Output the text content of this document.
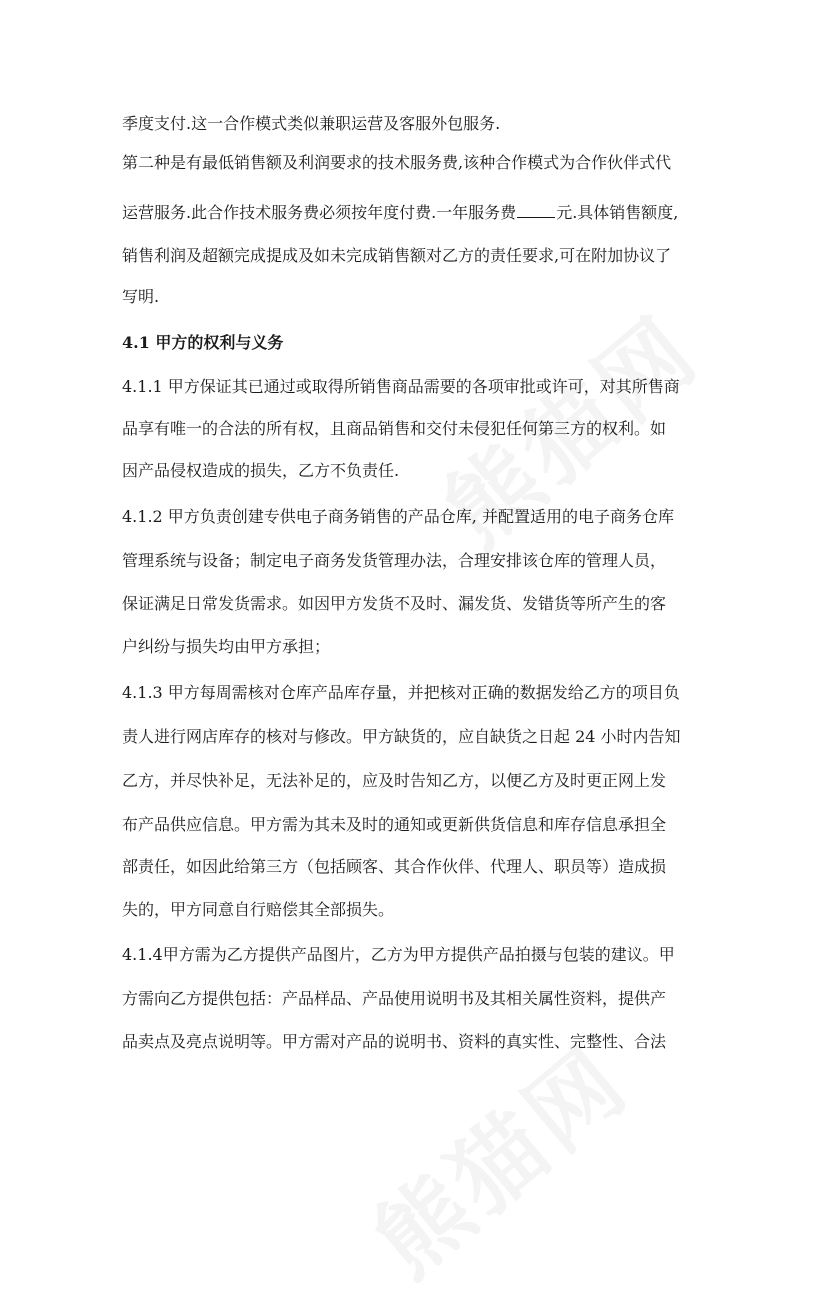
季度支付.这一合作模式类似兼职运营及客服外包服务.
第二种是有最低销售额及利润要求的技术服务费,该种合作模式为合作伙伴式代
运营服务.此合作技术服务费必须按年度付费.一年服务费	元.具体销售额度,
销售利润及超额完成提成及如未完成销售额对乙方的责任要求,可在附加协议了
写明.
4.1 甲方的权利与义务
4.1.1 甲方保证其已通过或取得所销售商品需要的各项审批或许可，对其所售商
品享有唯一的合法的所有权，且商品销售和交付未侵犯任何第三方的权利。如
因产品侵权造成的损失，乙方不负责任.
4.1.2 甲方负责创建专供电子商务销售的产品仓库, 并配置适用的电子商务仓库
管理系统与设备；制定电子商务发货管理办法，合理安排该仓库的管理人员，
保证满足日常发货需求。如因甲方发货不及时、漏发货、发错货等所产生的客
户纠纷与损失均由甲方承担；
4.1.3 甲方每周需核对仓库产品库存量，并把核对正确的数据发给乙方的项目负
责人进行网店库存的核对与修改。甲方缺货的，应自缺货之日起 24 小时内告知
乙方，并尽快补足，无法补足的，应及时告知乙方，以便乙方及时更正网上发
布产品供应信息。甲方需为其未及时的通知或更新供货信息和库存信息承担全
部责任，如因此给第三方（包括顾客、其合作伙伴、代理人、职员等）造成损
失的，甲方同意自行赔偿其全部损失。
4.1.4甲方需为乙方提供产品图片，乙方为甲方提供产品拍摄与包装的建议。甲
方需向乙方提供包括：产品样品、产品使用说明书及其相关属性资料，提供产
品卖点及亮点说明等。甲方需对产品的说明书、资料的真实性、完整性、合法
